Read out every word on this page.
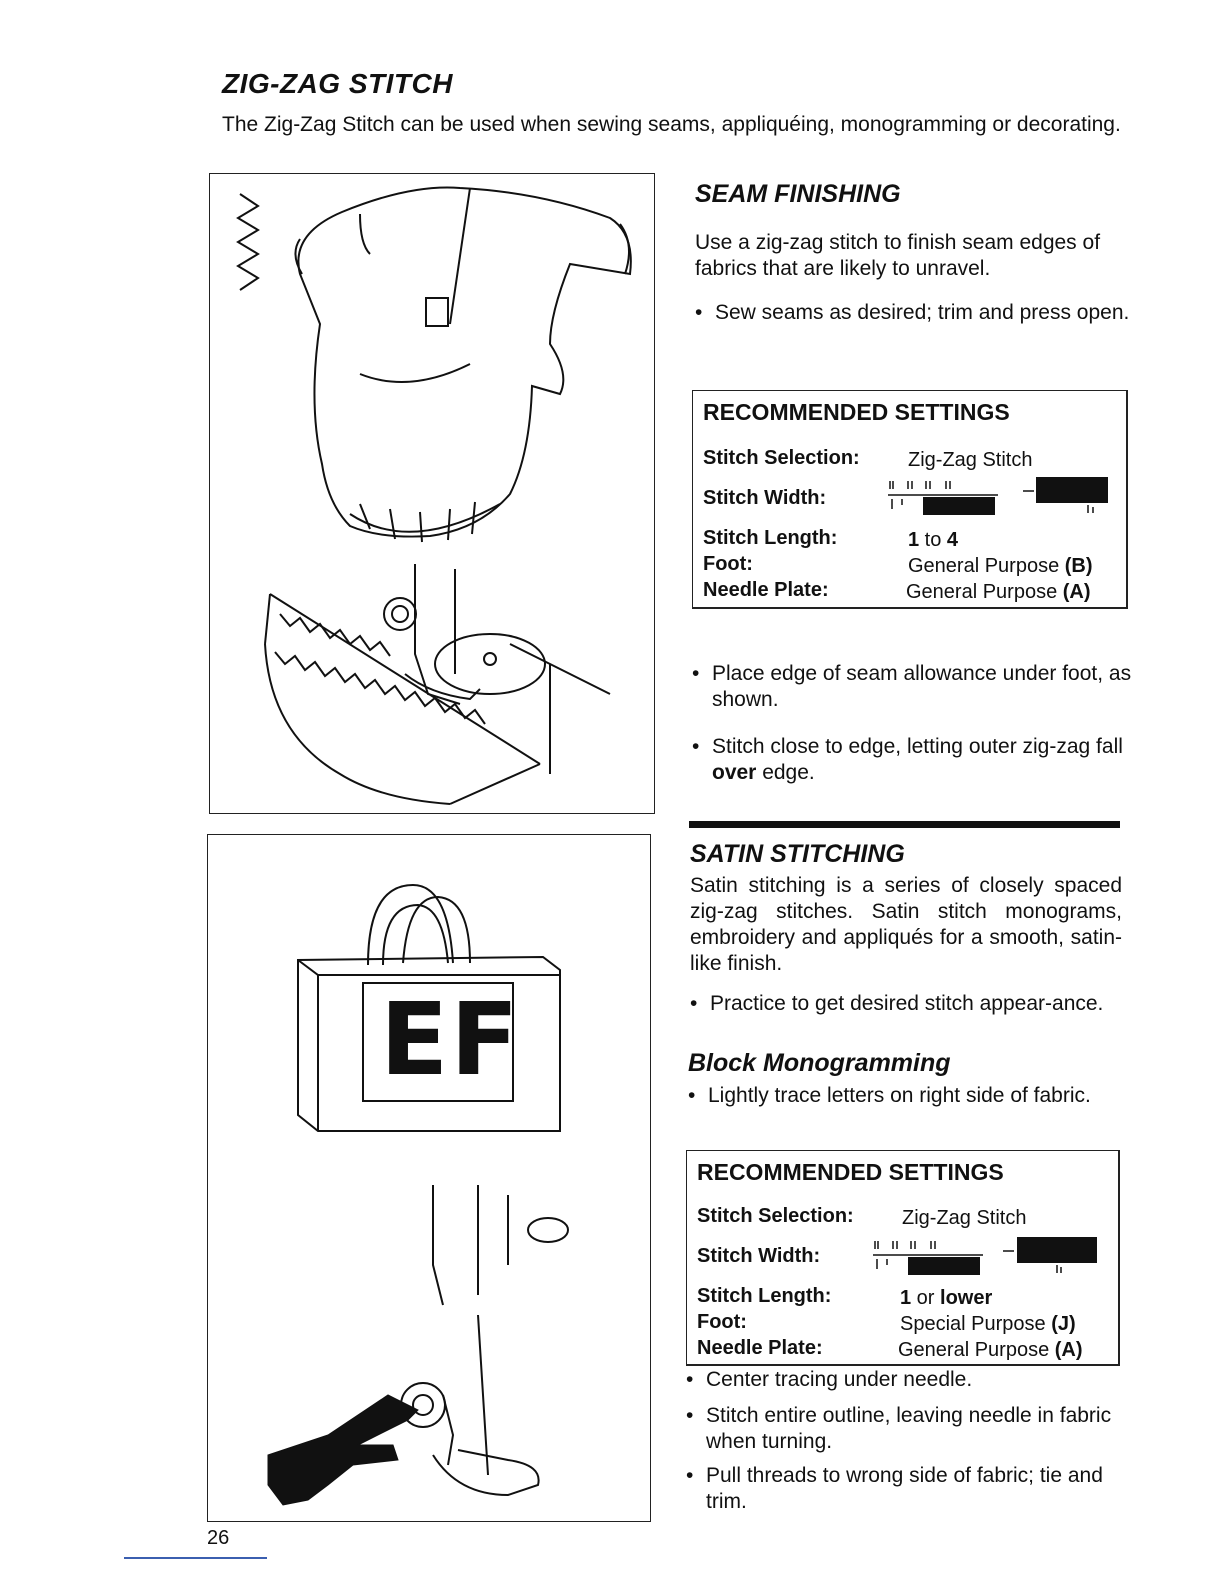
ZIG-ZAG STITCH
The Zig-Zag Stitch can be used when sewing seams, appliquéing, monogramming or decorating.
EF
SEAM FINISHING
Use a zig-zag stitch to finish seam edges of fabrics that are likely to unravel.
• Sew seams as desired; trim and press open.
RECOMMENDED SETTINGS
Stitch Selection: Zig-Zag Stitch
Stitch Width:
Stitch Length:	1 to 4
Foot:	General Purpose (B)
Needle Plate:	General Purpose (A)
• Place edge of seam allowance under foot, as shown.
• Stitch close to edge, letting outer zig-zag fall over edge.
SATIN STITCHING
Satin stitching is a series of closely spaced zig-zag stitches. Satin stitch monograms, embroidery and appliqués for a smooth, satin-like finish.
• Practice to get desired stitch appear-ance.
Block Monogramming
• Lightly trace letters on right side of fabric.
RECOMMENDED SETTINGS
Stitch Selection: Zig-Zag Stitch
Stitch Width:
Stitch Length:	1 or lower
Foot:	Special Purpose (J)
Needle Plate:	General Purpose (A)
• Center tracing under needle.
• Stitch entire outline, leaving needle in fabric when turning.
• Pull threads to wrong side of fabric; tie and trim.
26
